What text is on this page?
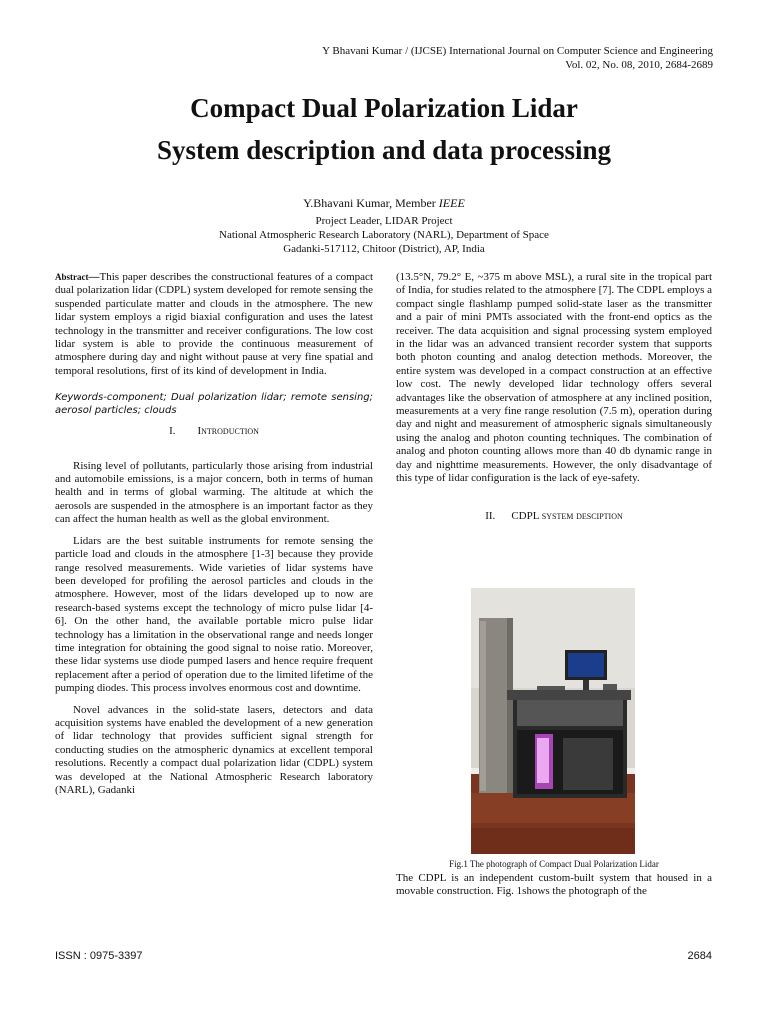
Y Bhavani Kumar / (IJCSE) International Journal on Computer Science and Engineering
Vol. 02, No. 08, 2010, 2684-2689
Compact Dual Polarization Lidar
System description and data processing
Y.Bhavani Kumar, Member IEEE
Project Leader, LIDAR Project
National Atmospheric Research Laboratory (NARL), Department of Space
Gadanki-517112, Chitoor (District), AP, India

Abstract—This paper describes the constructional features of a compact dual polarization lidar (CDPL) system developed for remote sensing the suspended particulate matter and clouds in the atmosphere. The new lidar system employs a rigid biaxial configuration and uses the latest technology in the transmitter and receiver configurations. The low cost lidar system is able to provide the continuous measurement of atmosphere during day and night without pause at very fine spatial and temporal resolutions, first of its kind of development in India.

Keywords-component; Dual polarization lidar; remote sensing; aerosol particles; clouds

I. Introduction

Rising level of pollutants, particularly those arising from industrial and automobile emissions, is a major concern, both in terms of human health and in terms of global warming. The altitude at which the aerosols are suspended in the atmosphere is an important factor as they can affect the human health as well as the global environment.

Lidars are the best suitable instruments for remote sensing the particle load and clouds in the atmosphere [1-3] because they provide range resolved measurements. Wide varieties of lidar systems have been developed for profiling the aerosol particles and clouds in the atmosphere. However, most of the lidars developed up to now are research-based systems except the technology of micro pulse lidar [4-6]. On the other hand, the available portable micro pulse lidar technology has a limitation in the observational range and needs longer time integration for obtaining the good signal to noise ratio. Moreover, these lidar systems use diode pumped lasers and hence require frequent replacement after a period of operation due to the limited lifetime of the pumping diodes. This process involves enormous cost and downtime.

Novel advances in the solid-state lasers, detectors and data acquisition systems have enabled the development of a new generation of lidar technology that provides sufficient signal strength for conducting studies on the atmospheric dynamics at excellent temporal resolutions. Recently a compact dual polarization lidar (CDPL) system was developed at the National Atmospheric Research laboratory (NARL), Gadanki

(13.5°N, 79.2° E, ~375 m above MSL), a rural site in the tropical part of India, for studies related to the atmosphere [7]. The CDPL employs a compact single flashlamp pumped solid-state laser as the transmitter and a pair of mini PMTs associated with the front-end optics as the receiver. The data acquisition and signal processing system employed in the lidar was an advanced transient recorder system that supports both photon counting and analog detection methods. Moreover, the entire system was developed in a compact construction at an effective low cost. The newly developed lidar technology offers several advantages like the observation of atmosphere at any inclined position, measurements at a very fine range resolution (7.5 m), operation during day and night and measurement of atmospheric signals simultaneously using the analog and photon counting techniques. The combination of analog and photon counting allows more than 40 db dynamic range in day and nighttime measurements. However, the only disadvantage of this type of lidar configuration is the lack of eye-safety.

II. CDPL system desciption

Fig.1 The photograph of Compact Dual Polarization Lidar
The CDPL is an independent custom-built system that housed in a movable construction. Fig. 1shows the photograph of the
ISSN : 0975-3397	2684
